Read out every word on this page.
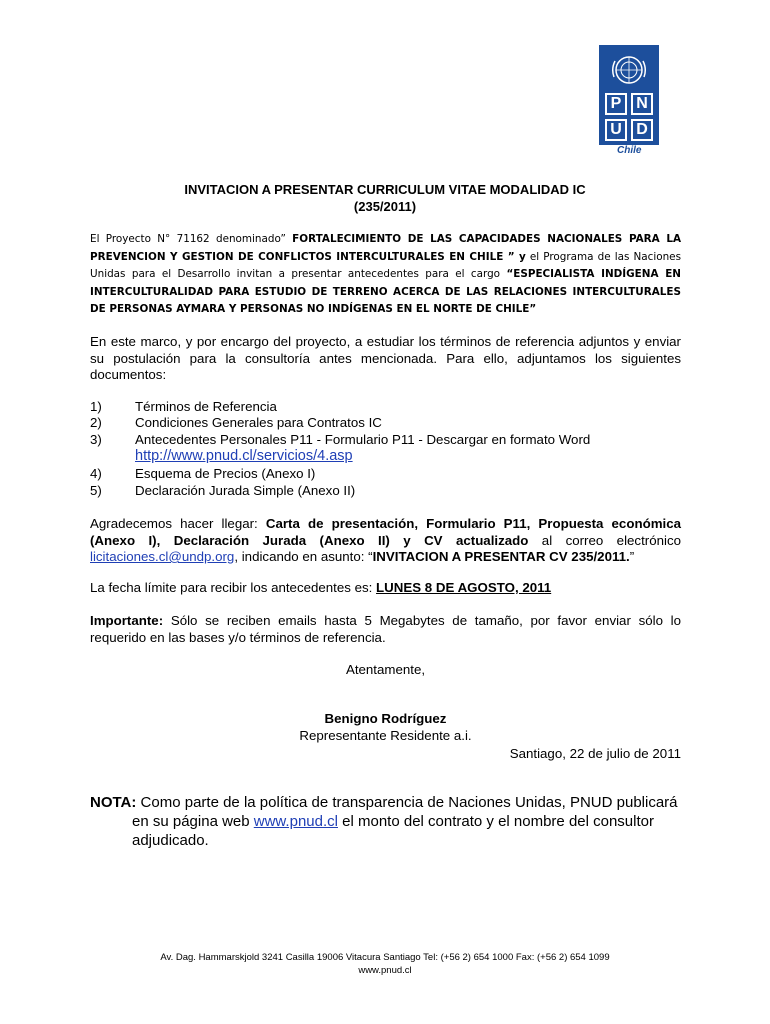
P N
U D
Chile
INVITACION A PRESENTAR CURRICULUM VITAE MODALIDAD IC
(235/2011)
El Proyecto N° 71162 denominado” FORTALECIMIENTO DE LAS CAPACIDADES NACIONALES PARA LA PREVENCION Y GESTION DE CONFLICTOS INTERCULTURALES EN CHILE ” y el Programa de las Naciones Unidas para el Desarrollo invitan a presentar antecedentes para el cargo “ESPECIALISTA INDÍGENA EN INTERCULTURALIDAD PARA ESTUDIO DE TERRENO ACERCA DE LAS RELACIONES INTERCULTURALES DE PERSONAS AYMARA Y PERSONAS NO INDÍGENAS EN EL NORTE DE CHILE”
En este marco, y por encargo del proyecto, a estudiar los términos de referencia adjuntos y enviar su postulación para la consultoría antes mencionada. Para ello, adjuntamos los siguientes documentos:
1) Términos de Referencia
2) Condiciones Generales para Contratos IC
3) Antecedentes Personales P11 - Formulario P11 - Descargar en formato Word
http://www.pnud.cl/servicios/4.asp
4) Esquema de Precios (Anexo I)
5) Declaración Jurada Simple (Anexo II)
Agradecemos hacer llegar: Carta de presentación, Formulario P11, Propuesta económica (Anexo I), Declaración Jurada (Anexo II) y CV actualizado al correo electrónico licitaciones.cl@undp.org, indicando en asunto: “INVITACION A PRESENTAR CV 235/2011.”
La fecha límite para recibir los antecedentes es: LUNES 8 DE AGOSTO, 2011
Importante: Sólo se reciben emails hasta 5 Megabytes de tamaño, por favor enviar sólo lo requerido en las bases y/o términos de referencia.
Atentamente,
Benigno Rodríguez
Representante Residente a.i.
Santiago, 22 de julio de 2011
NOTA: Como parte de la política de transparencia de Naciones Unidas, PNUD publicará en su página web www.pnud.cl el monto del contrato y el nombre del consultor adjudicado.
Av. Dag. Hammarskjold 3241 Casilla 19006 Vitacura Santiago Tel: (+56 2) 654 1000 Fax: (+56 2) 654 1099
www.pnud.cl
